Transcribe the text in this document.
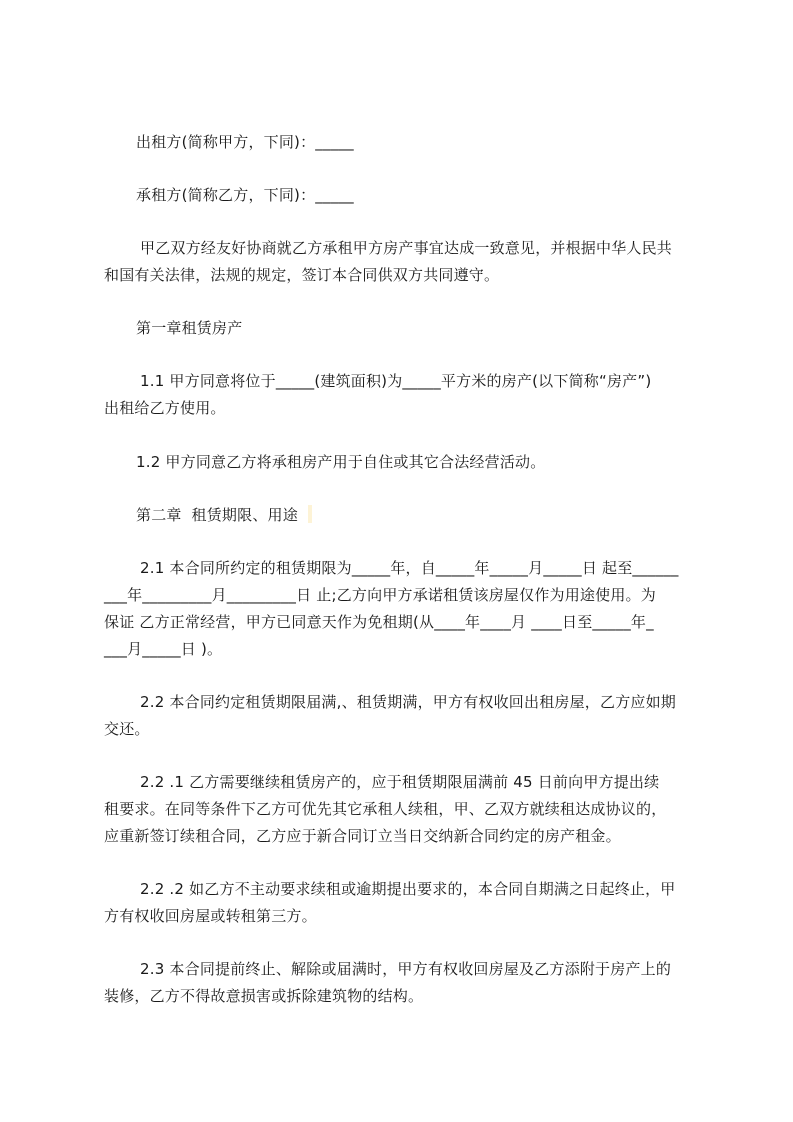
出租方(简称甲方，下同)：_____
承租方(简称乙方，下同)：_____
甲乙双方经友好协商就乙方承租甲方房产事宜达成一致意见，并根据中华人民共
和国有关法律，法规的规定，签订本合同供双方共同遵守。
第一章租赁房产
1.1 甲方同意将位于_____(建筑面积)为_____平方米的房产(以下简称“房产”)
出租给乙方使用。
1.2 甲方同意乙方将承租房产用于自住或其它合法经营活动。
第二章  租赁期限、用途
2.1 本合同所约定的租赁期限为_____年，自_____年_____月_____日 起至______
___年_________月_________日 止;乙方向甲方承诺租赁该房屋仅作为用途使用。为
保证 乙方正常经营，甲方已同意天作为免租期(从____年____月 ____日至_____年_
___月_____日 )。
2.2 本合同约定租赁期限届满,、租赁期满，甲方有权收回出租房屋，乙方应如期
交还。
2.2 .1 乙方需要继续租赁房产的，应于租赁期限届满前 45 日前向甲方提出续
租要求。在同等条件下乙方可优先其它承租人续租，甲、乙双方就续租达成协议的，
应重新签订续租合同，乙方应于新合同订立当日交纳新合同约定的房产租金。
2.2 .2 如乙方不主动要求续租或逾期提出要求的，本合同自期满之日起终止，甲
方有权收回房屋或转租第三方。
2.3 本合同提前终止、解除或届满时，甲方有权收回房屋及乙方添附于房产上的
装修，乙方不得故意损害或拆除建筑物的结构。
